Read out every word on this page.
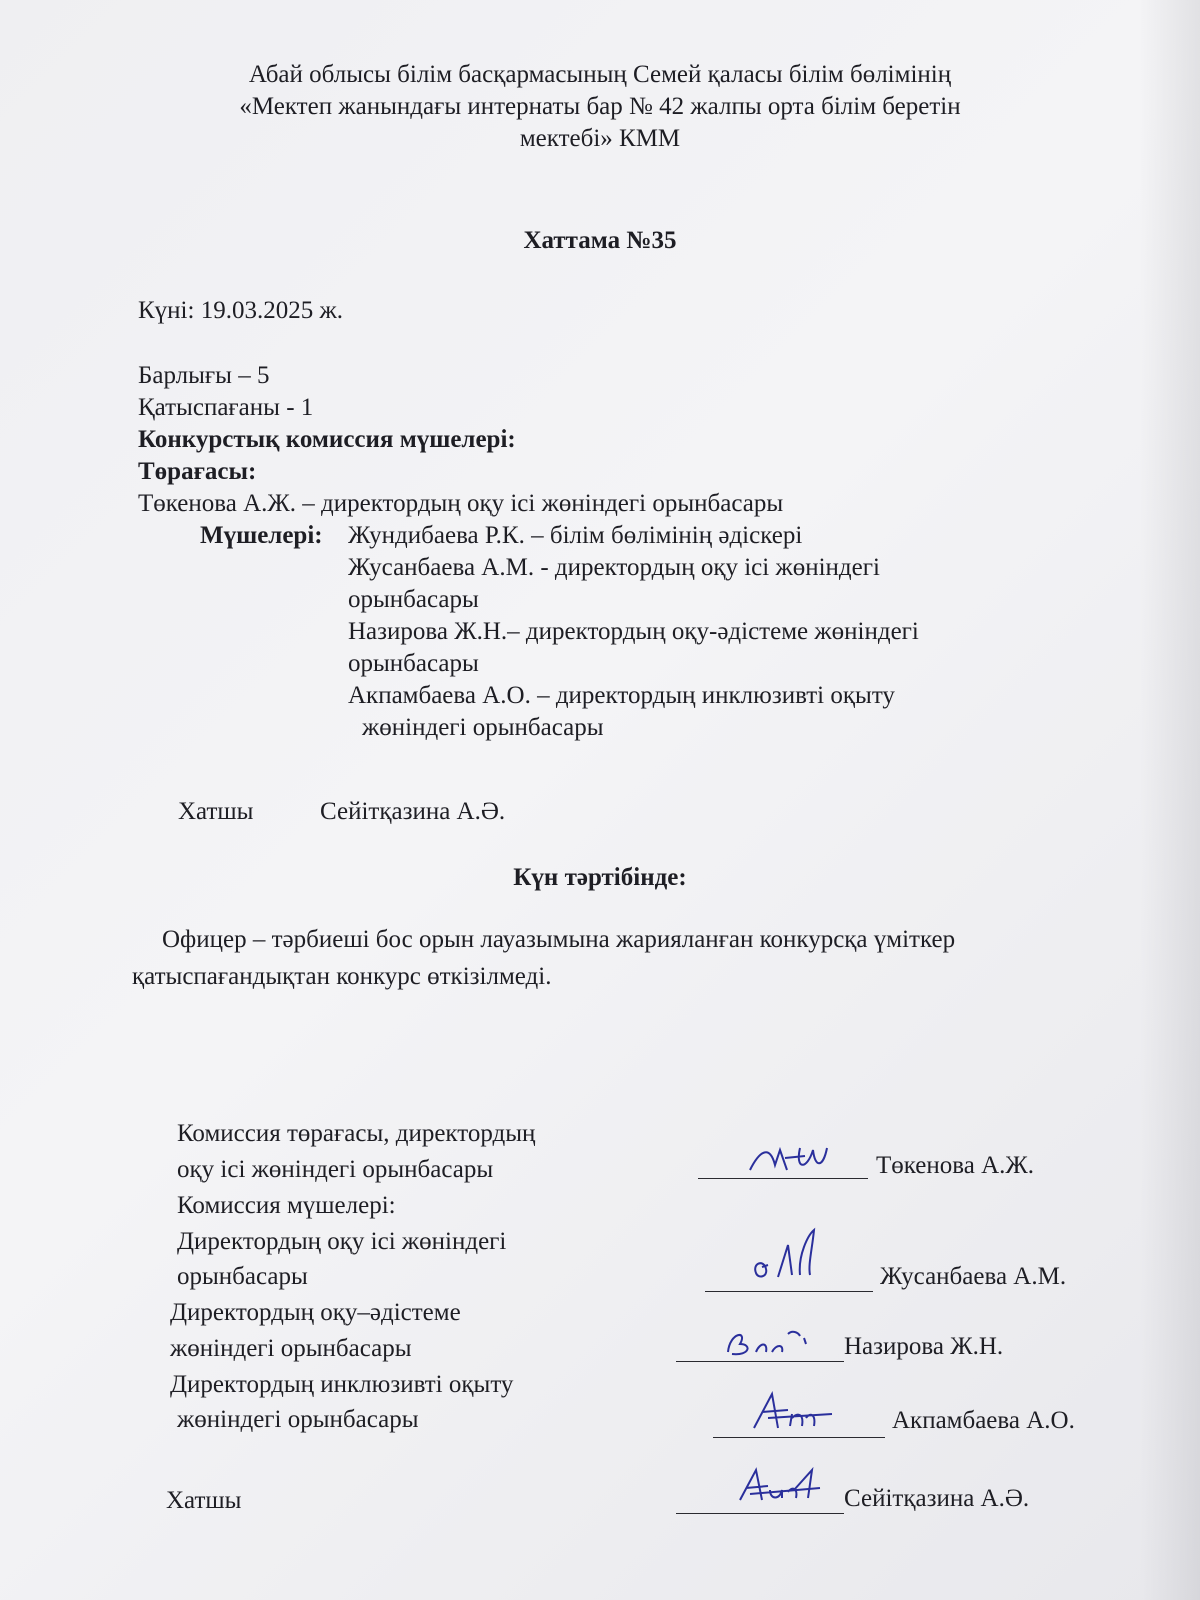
Абай облысы білім басқармасының Семей қаласы білім бөлімінің
«Мектеп жанындағы интернаты бар № 42 жалпы орта білім беретін
мектебі» КММ
Хаттама №35
Күні: 19.03.2025 ж.
Барлығы – 5
Қатыспағаны - 1
Конкурстық комиссия мүшелері:
Төрағасы:
Төкенова А.Ж. – директордың оқу ісі жөніндегі орынбасары
Мүшелері: Жундибаева Р.К. – білім бөлімінің әдіскері
Жусанбаева А.М. - директордың оқу ісі жөніндегі
орынбасары
Назирова Ж.Н.– директордың оқу-әдістеме жөніндегі
орынбасары
Акпамбаева А.О. – директордың инклюзивті оқыту
жөніндегі орынбасары
Хатшы	Сейітқазина А.Ә.
Күн тәртібінде:
Офицер – тәрбиеші бос орын лауазымына жарияланған конкурсқа үміткер
қатыспағандықтан конкурс өткізілмеді.
Комиссия төрағасы, директордың
оқу ісі жөніндегі орынбасары	Төкенова А.Ж.
Комиссия мүшелері:
Директордың оқу ісі жөніндегі
орынбасары	Жусанбаева А.М.
Директордың оқу–әдістеме
жөніндегі орынбасары	Назирова Ж.Н.
Директордың инклюзивті оқыту
жөніндегі орынбасары	Акпамбаева А.О.
Хатшы	Сейітқазина А.Ә.
